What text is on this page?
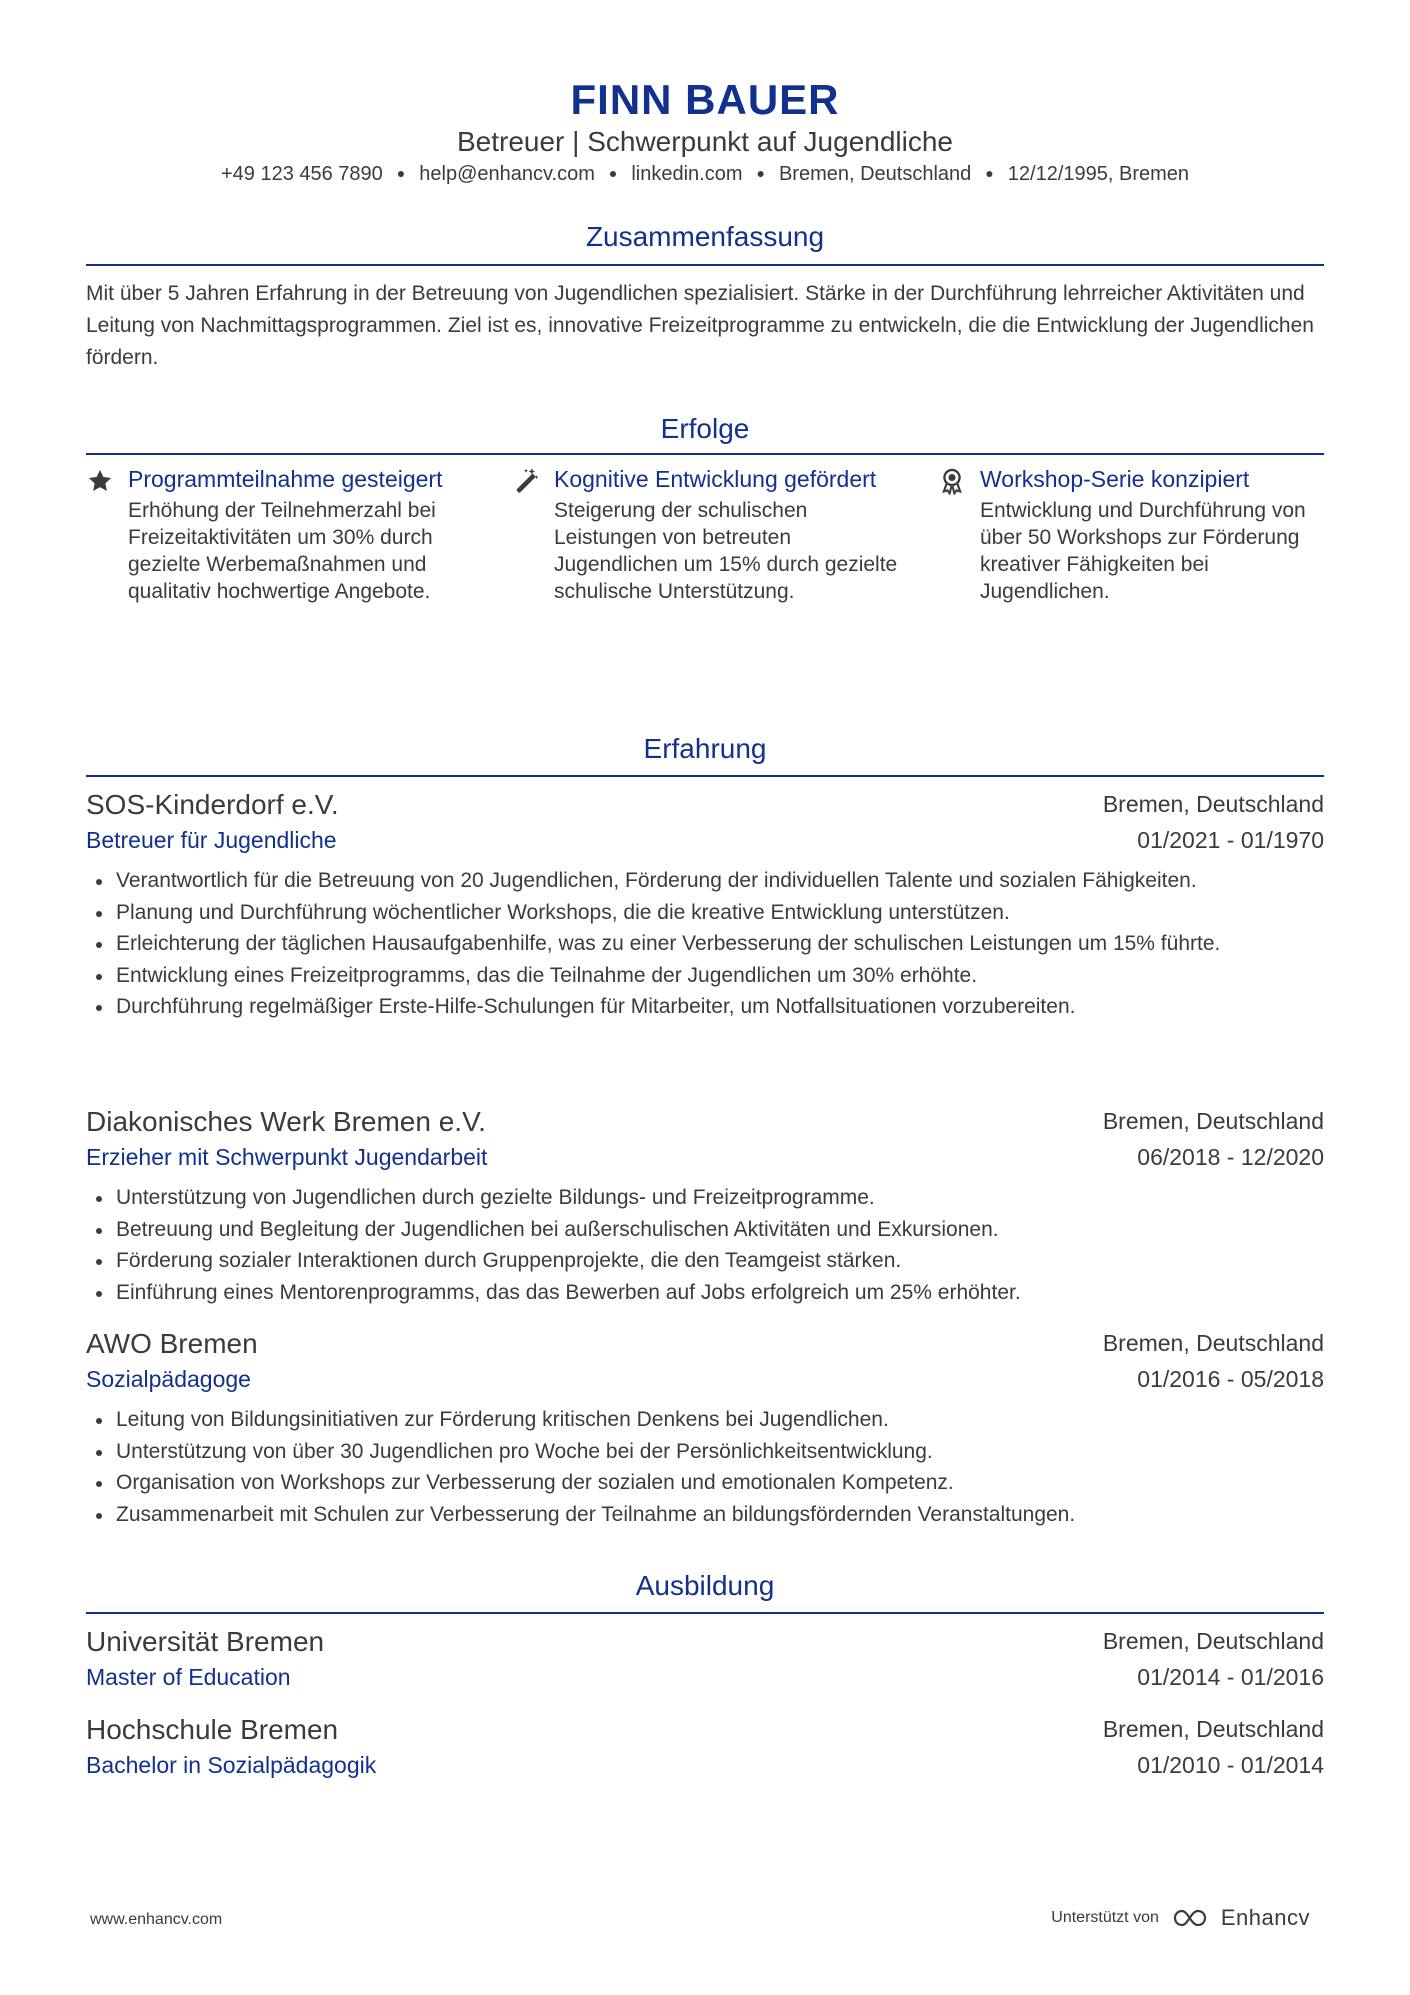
FINN BAUER
Betreuer | Schwerpunkt auf Jugendliche
+49 123 456 7890 ● help@enhancv.com ● linkedin.com ● Bremen, Deutschland ● 12/12/1995, Bremen
Zusammenfassung

Mit über 5 Jahren Erfahrung in der Betreuung von Jugendlichen spezialisiert. Stärke in der Durchführung lehrreicher Aktivitäten und Leitung von Nachmittagsprogrammen. Ziel ist es, innovative Freizeitprogramme zu entwickeln, die die Entwicklung der Jugendlichen fördern.

Erfolge
Programmteilnahme gesteigert
Erhöhung der Teilnehmerzahl bei Freizeitaktivitäten um 30% durch gezielte Werbemaßnahmen und qualitativ hochwertige Angebote.
Kognitive Entwicklung gefördert
Steigerung der schulischen Leistungen von betreuten Jugendlichen um 15% durch gezielte schulische Unterstützung.
Workshop-Serie konzipiert
Entwicklung und Durchführung von über 50 Workshops zur Förderung kreativer Fähigkeiten bei Jugendlichen.
Erfahrung
SOS-Kinderdorf e.V.	Bremen, Deutschland
Betreuer für Jugendliche	01/2021 - 01/1970
Verantwortlich für die Betreuung von 20 Jugendlichen, Förderung der individuellen Talente und sozialen Fähigkeiten.
Planung und Durchführung wöchentlicher Workshops, die die kreative Entwicklung unterstützen.
Erleichterung der täglichen Hausaufgabenhilfe, was zu einer Verbesserung der schulischen Leistungen um 15% führte.
Entwicklung eines Freizeitprogramms, das die Teilnahme der Jugendlichen um 30% erhöhte.
Durchführung regelmäßiger Erste-Hilfe-Schulungen für Mitarbeiter, um Notfallsituationen vorzubereiten.
Diakonisches Werk Bremen e.V.	Bremen, Deutschland
Erzieher mit Schwerpunkt Jugendarbeit	06/2018 - 12/2020
Unterstützung von Jugendlichen durch gezielte Bildungs- und Freizeitprogramme.
Betreuung und Begleitung der Jugendlichen bei außerschulischen Aktivitäten und Exkursionen.
Förderung sozialer Interaktionen durch Gruppenprojekte, die den Teamgeist stärken.
Einführung eines Mentorenprogramms, das das Bewerben auf Jobs erfolgreich um 25% erhöhter.
AWO Bremen	Bremen, Deutschland
Sozialpädagoge	01/2016 - 05/2018
Leitung von Bildungsinitiativen zur Förderung kritischen Denkens bei Jugendlichen.
Unterstützung von über 30 Jugendlichen pro Woche bei der Persönlichkeitsentwicklung.
Organisation von Workshops zur Verbesserung der sozialen und emotionalen Kompetenz.
Zusammenarbeit mit Schulen zur Verbesserung der Teilnahme an bildungsfördernden Veranstaltungen.
Ausbildung
Universität Bremen	Bremen, Deutschland
Master of Education	01/2014 - 01/2016
Hochschule Bremen	Bremen, Deutschland
Bachelor in Sozialpädagogik	01/2010 - 01/2014
www.enhancv.com	Unterstützt von	Enhancv
